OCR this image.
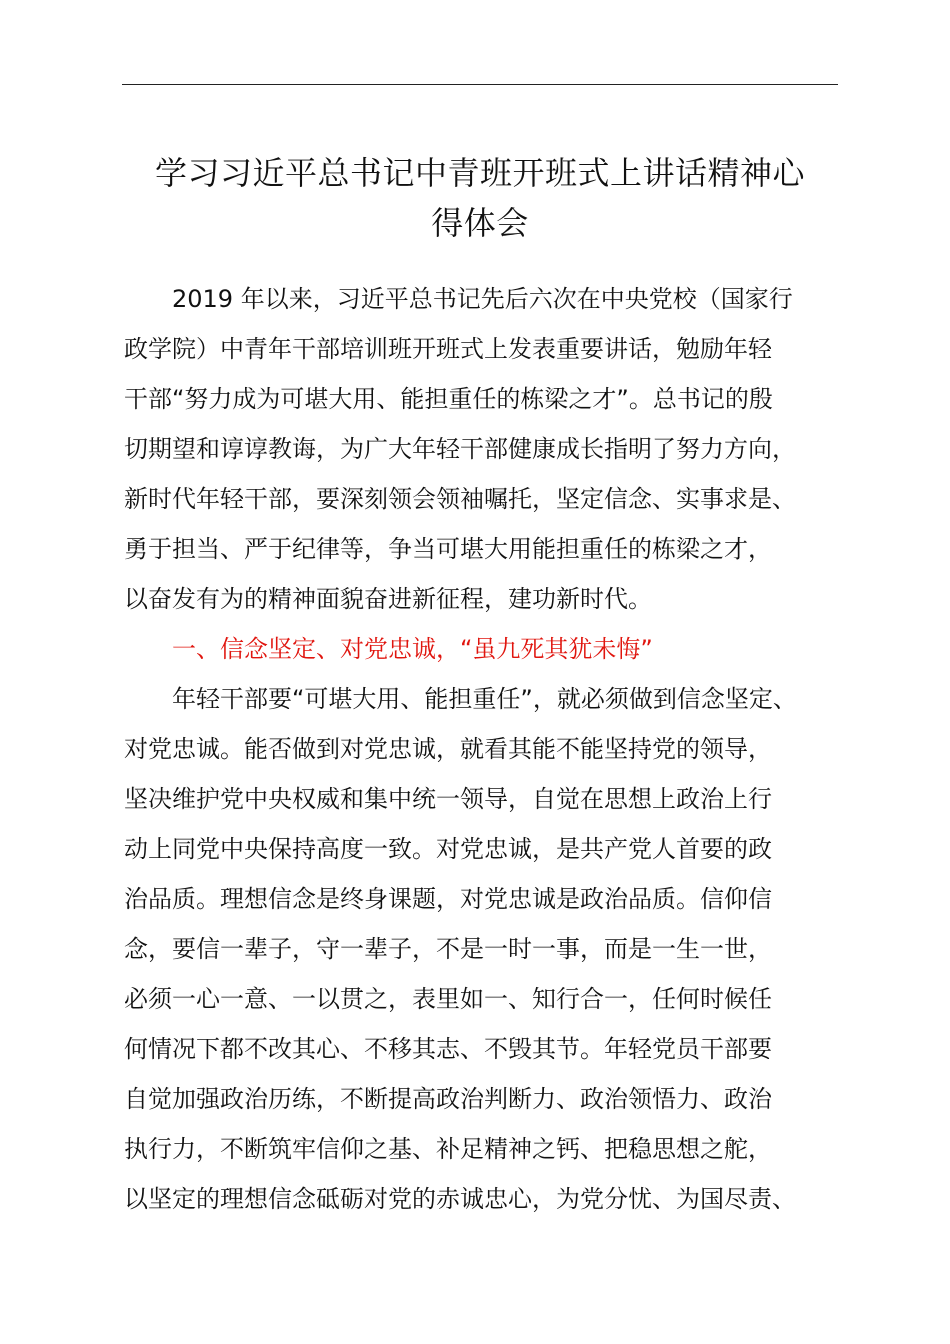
学习习近平总书记中青班开班式上讲话精神心
得体会
2019 年以来，习近平总书记先后六次在中央党校（国家行
政学院）中青年干部培训班开班式上发表重要讲话，勉励年轻
干部“努力成为可堪大用、能担重任的栋梁之才”。总书记的殷
切期望和谆谆教诲，为广大年轻干部健康成长指明了努力方向，
新时代年轻干部，要深刻领会领袖嘱托，坚定信念、实事求是、
勇于担当、严于纪律等，争当可堪大用能担重任的栋梁之才，
以奋发有为的精神面貌奋进新征程，建功新时代。
一、信念坚定、对党忠诚，“虽九死其犹未悔”
年轻干部要“可堪大用、能担重任”，就必须做到信念坚定、
对党忠诚。能否做到对党忠诚，就看其能不能坚持党的领导，
坚决维护党中央权威和集中统一领导，自觉在思想上政治上行
动上同党中央保持高度一致。对党忠诚，是共产党人首要的政
治品质。理想信念是终身课题，对党忠诚是政治品质。信仰信
念，要信一辈子，守一辈子，不是一时一事，而是一生一世，
必须一心一意、一以贯之，表里如一、知行合一，任何时候任
何情况下都不改其心、不移其志、不毁其节。年轻党员干部要
自觉加强政治历练，不断提高政治判断力、政治领悟力、政治
执行力，不断筑牢信仰之基、补足精神之钙、把稳思想之舵，
以坚定的理想信念砥砺对党的赤诚忠心，为党分忧、为国尽责、
